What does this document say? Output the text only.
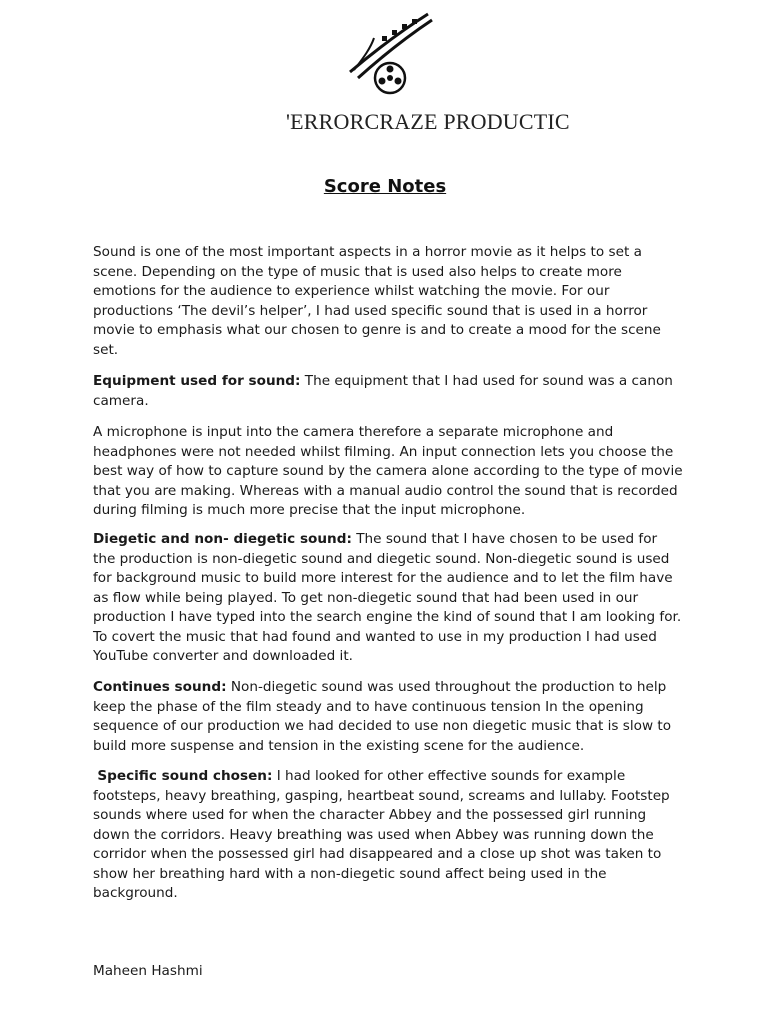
'ERRORCRAZE PRODUCTIC
Score Notes

Sound is one of the most important aspects in a horror movie as it helps to set a scene. Depending on the type of music that is used also helps to create more emotions for the audience to experience whilst watching the movie. For our productions ‘The devil’s helper’, I had used specific sound that is used in a horror movie to emphasis what our chosen to genre is and to create a mood for the scene set.

Equipment used for sound: The equipment that I had used for sound was a canon camera.

A microphone is input into the camera therefore a separate microphone and headphones were not needed whilst filming. An input connection lets you choose the best way of how to capture sound by the camera alone according to the type of movie that you are making. Whereas with a manual audio control the sound that is recorded during filming is much more precise that the input microphone.

Diegetic and non- diegetic sound: The sound that I have chosen to be used for the production is non-diegetic sound and diegetic sound. Non-diegetic sound is used for background music to build more interest for the audience and to let the film have as flow while being played. To get non-diegetic sound that had been used in our production I have typed into the search engine the kind of sound that I am looking for. To covert the music that had found and wanted to use in my production I had used YouTube converter and downloaded it.

Continues sound: Non-diegetic sound was used throughout the production to help keep the phase of the film steady and to have continuous tension In the opening sequence of our production we had decided to use non diegetic music that is slow to build more suspense and tension in the existing scene for the audience.

Specific sound chosen: I had looked for other effective sounds for example footsteps, heavy breathing, gasping, heartbeat sound, screams and lullaby. Footstep sounds where used for when the character Abbey and the possessed girl running down the corridors. Heavy breathing was used when Abbey was running down the corridor when the possessed girl had disappeared and a close up shot was taken to show her breathing hard with a non-diegetic sound affect being used in the background.

Maheen Hashmi
